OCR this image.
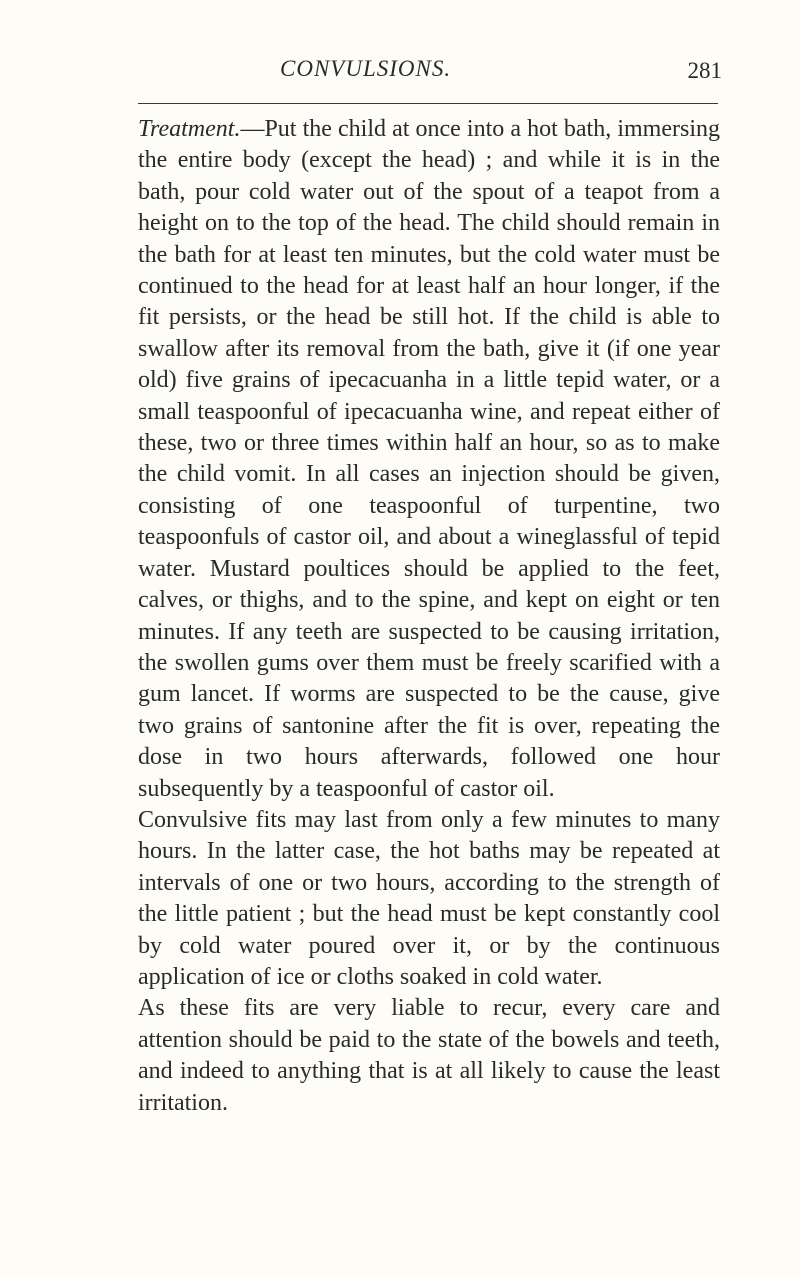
CONVULSIONS.	281

Treatment.—Put the child at once into a hot bath, immersing the entire body (except the head) ; and while it is in the bath, pour cold water out of the spout of a teapot from a height on to the top of the head. The child should remain in the bath for at least ten minutes, but the cold water must be continued to the head for at least half an hour longer, if the fit persists, or the head be still hot. If the child is able to swallow after its removal from the bath, give it (if one year old) five grains of ipecacuanha in a little tepid water, or a small teaspoonful of ipecacuanha wine, and repeat either of these, two or three times within half an hour, so as to make the child vomit. In all cases an injection should be given, consisting of one teaspoonful of turpentine, two teaspoonfuls of castor oil, and about a wineglassful of tepid water. Mustard poultices should be applied to the feet, calves, or thighs, and to the spine, and kept on eight or ten minutes. If any teeth are suspected to be causing irritation, the swollen gums over them must be freely scarified with a gum lancet. If worms are suspected to be the cause, give two grains of santonine after the fit is over, repeating the dose in two hours afterwards, followed one hour subsequently by a teaspoonful of castor oil.

Convulsive fits may last from only a few minutes to many hours. In the latter case, the hot baths may be repeated at intervals of one or two hours, according to the strength of the little patient ; but the head must be kept constantly cool by cold water poured over it, or by the continuous application of ice or cloths soaked in cold water.

As these fits are very liable to recur, every care and attention should be paid to the state of the bowels and teeth, and indeed to anything that is at all likely to cause the least irritation.
